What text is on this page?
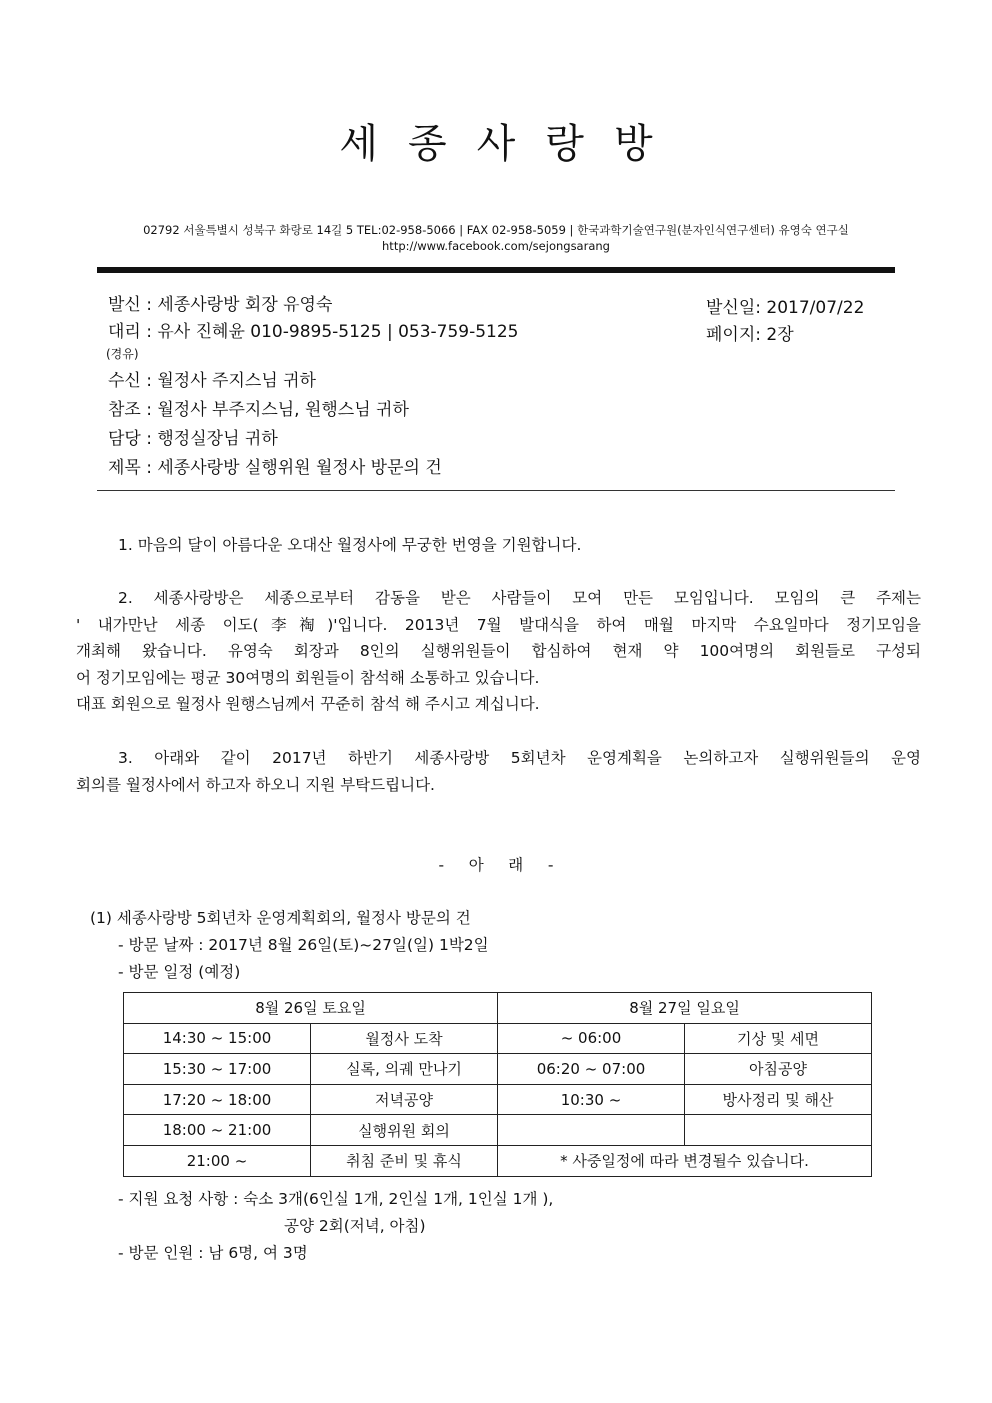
세종사랑방
02792 서울특별시 성북구 화랑로 14길 5 TEL:02-958-5066 | FAX 02-958-5059 | 한국과학기술연구원(분자인식연구센터) 유영숙 연구실
http://www.facebook.com/sejongsarang
발신 : 세종사랑방 회장 유영숙
대리 : 유사 진혜윤 010-9895-5125 | 053-759-5125
(경유)
수신 : 월정사 주지스님 귀하
참조 : 월정사 부주지스님, 원행스님 귀하
담당 : 행정실장님 귀하
제목 : 세종사랑방 실행위원 월정사 방문의 건
발신일: 2017/07/22
페이지: 2장
1. 마음의 달이 아름다운 오대산 월정사에 무궁한 번영을 기원합니다.
2. 세종사랑방은 세종으로부터 감동을 받은 사람들이 모여 만든 모임입니다. 모임의 큰 주제는
' 내가만난 세종 이도(李祹)'입니다. 2013년 7월 발대식을 하여 매월 마지막 수요일마다 정기모임을
개최해 왔습니다. 유영숙 회장과 8인의 실행위원들이 합심하여 현재 약 100여명의 회원들로 구성되
어 정기모임에는 평균 30여명의 회원들이 참석해 소통하고 있습니다.
대표 회원으로 월정사 원행스님께서 꾸준히 참석 해 주시고 계십니다.
3. 아래와 같이 2017년 하반기 세종사랑방 5회년차 운영계획을 논의하고자 실행위원들의 운영
회의를 월정사에서 하고자 하오니 지원 부탁드립니다.
-     아     래     -
(1) 세종사랑방 5회년차 운영계획회의, 월정사 방문의 건
- 방문 날짜 : 2017년 8월 26일(토)~27일(일) 1박2일
- 방문 일정 (예정)
8월 26일 토요일		8월 27일 일요일	
14:30 ~ 15:00	월정사 도착	~ 06:00	기상 및 세면
15:30 ~ 17:00	실록, 의궤 만나기	06:20 ~ 07:00	아침공양
17:20 ~ 18:00	저녁공양	10:30 ~	방사정리 및 해산
18:00 ~ 21:00	실행위원 회의		
21:00 ~	취침 준비 및 휴식	* 사중일정에 따라 변경될수 있습니다.	
- 지원 요청 사항 : 숙소 3개(6인실 1개, 2인실 1개, 1인실 1개 ),
공양 2회(저녁, 아침)
- 방문 인원 : 남 6명, 여 3명
